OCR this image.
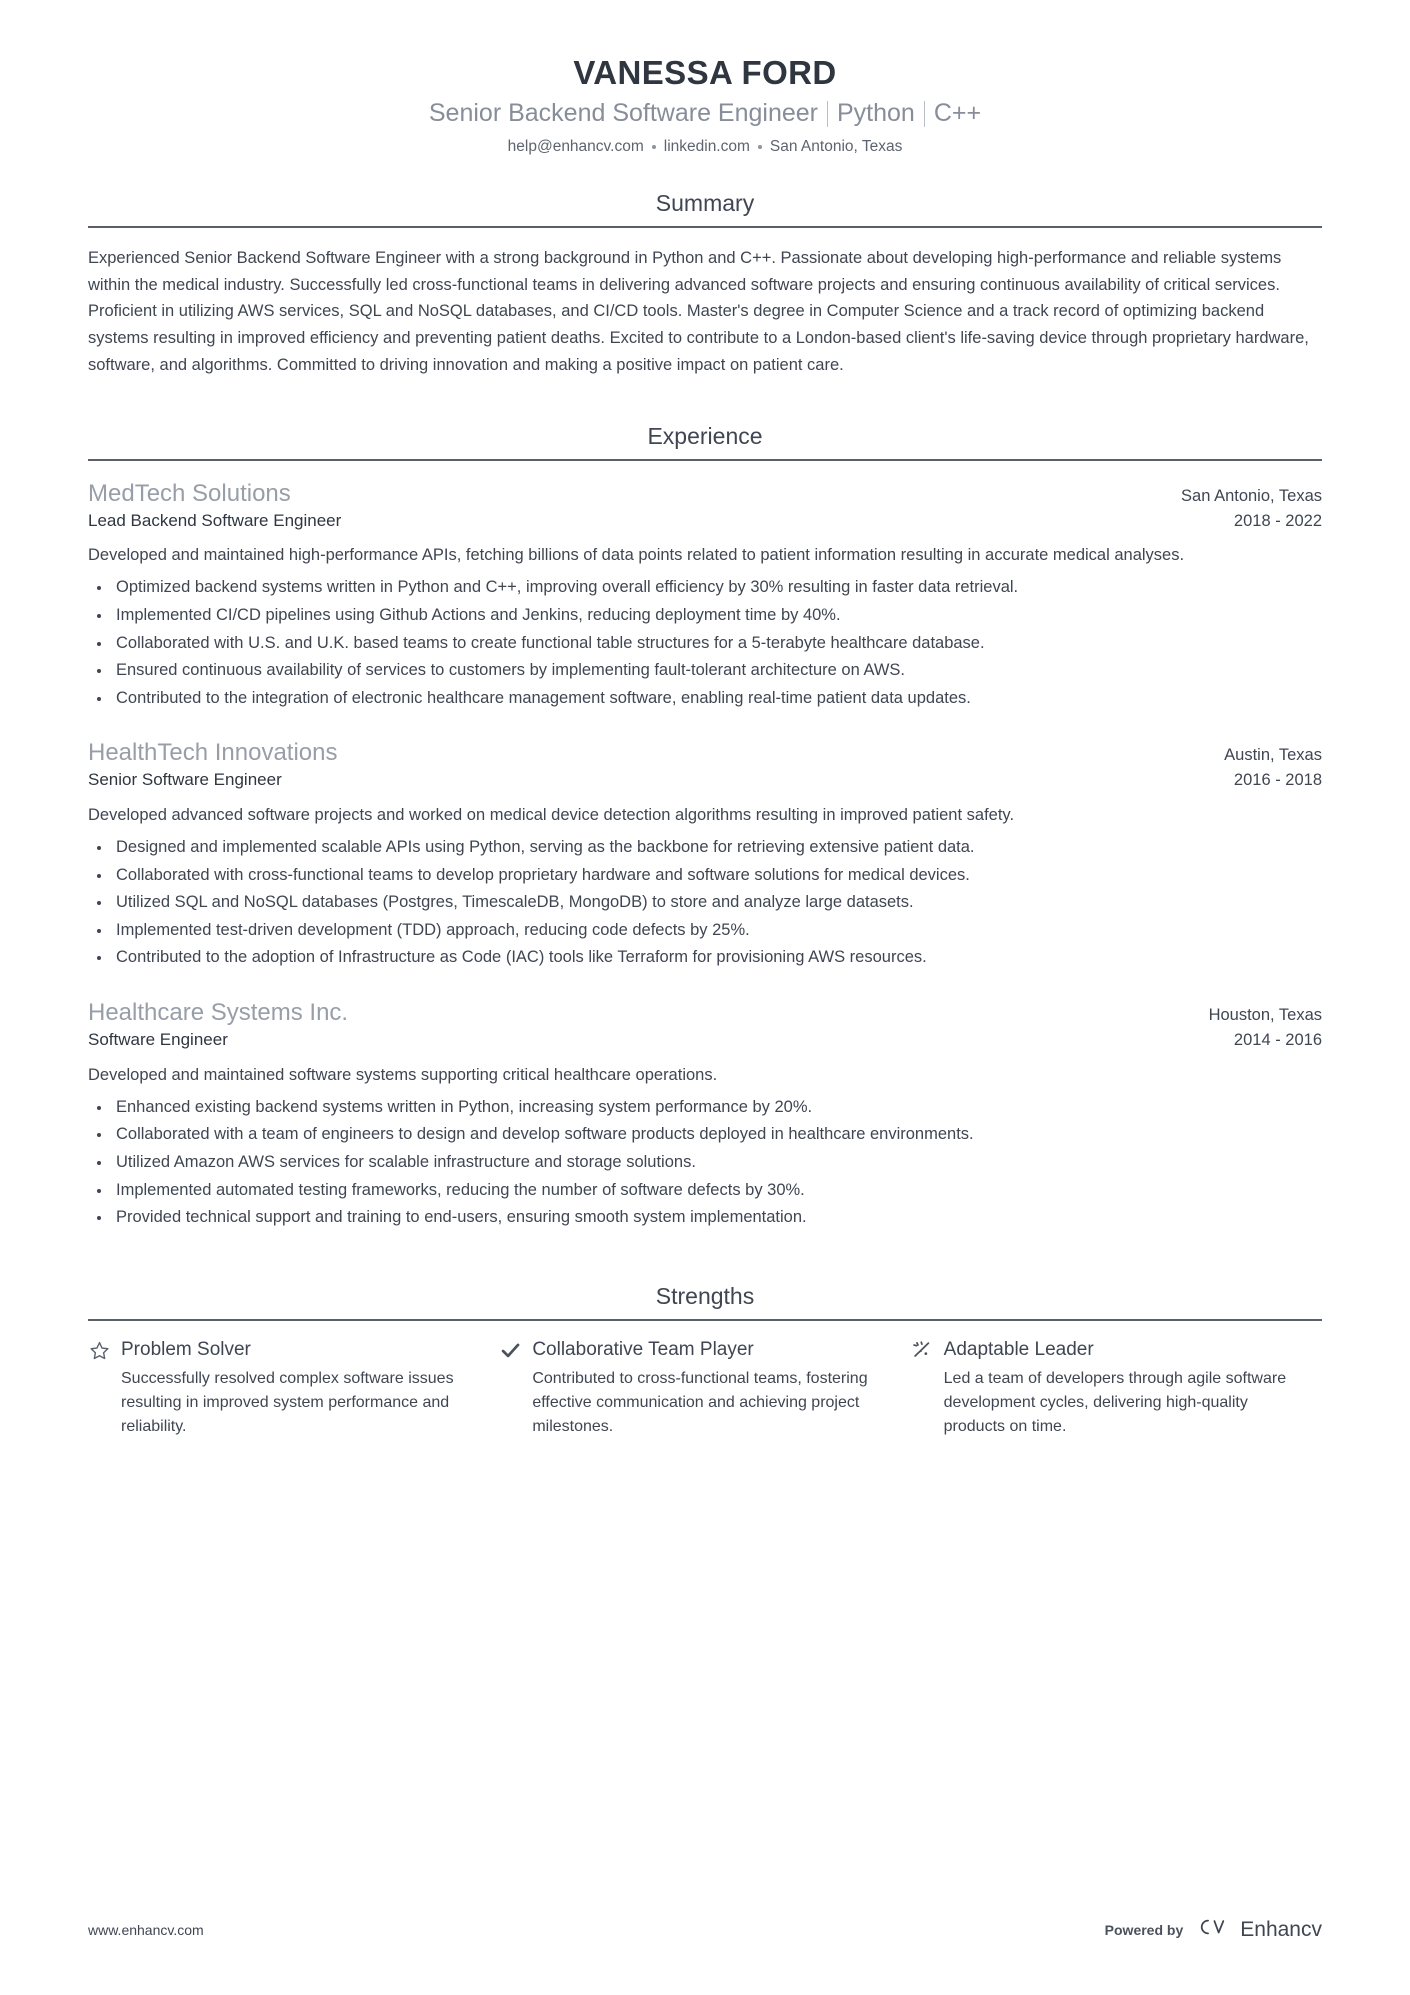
VANESSA FORD
Senior Backend Software Engineer Python C++
help@enhancv.com	linkedin.com	San Antonio, Texas
Summary
Experienced Senior Backend Software Engineer with a strong background in Python and C++. Passionate about developing high-performance and reliable systems within the medical industry. Successfully led cross-functional teams in delivering advanced software projects and ensuring continuous availability of critical services. Proficient in utilizing AWS services, SQL and NoSQL databases, and CI/CD tools. Master's degree in Computer Science and a track record of optimizing backend systems resulting in improved efficiency and preventing patient deaths. Excited to contribute to a London-based client's life-saving device through proprietary hardware, software, and algorithms. Committed to driving innovation and making a positive impact on patient care.
Experience
MedTech Solutions	San Antonio, Texas
Lead Backend Software Engineer	2018 - 2022
Developed and maintained high-performance APIs, fetching billions of data points related to patient information resulting in accurate medical analyses.
Optimized backend systems written in Python and C++, improving overall efficiency by 30% resulting in faster data retrieval.
Implemented CI/CD pipelines using Github Actions and Jenkins, reducing deployment time by 40%.
Collaborated with U.S. and U.K. based teams to create functional table structures for a 5-terabyte healthcare database.
Ensured continuous availability of services to customers by implementing fault-tolerant architecture on AWS.
Contributed to the integration of electronic healthcare management software, enabling real-time patient data updates.
HealthTech Innovations	Austin, Texas
Senior Software Engineer	2016 - 2018
Developed advanced software projects and worked on medical device detection algorithms resulting in improved patient safety.
Designed and implemented scalable APIs using Python, serving as the backbone for retrieving extensive patient data.
Collaborated with cross-functional teams to develop proprietary hardware and software solutions for medical devices.
Utilized SQL and NoSQL databases (Postgres, TimescaleDB, MongoDB) to store and analyze large datasets.
Implemented test-driven development (TDD) approach, reducing code defects by 25%.
Contributed to the adoption of Infrastructure as Code (IAC) tools like Terraform for provisioning AWS resources.
Healthcare Systems Inc.	Houston, Texas
Software Engineer	2014 - 2016
Developed and maintained software systems supporting critical healthcare operations.
Enhanced existing backend systems written in Python, increasing system performance by 20%.
Collaborated with a team of engineers to design and develop software products deployed in healthcare environments.
Utilized Amazon AWS services for scalable infrastructure and storage solutions.
Implemented automated testing frameworks, reducing the number of software defects by 30%.
Provided technical support and training to end-users, ensuring smooth system implementation.
Strengths
Problem Solver
Successfully resolved complex software issues resulting in improved system performance and reliability.
Collaborative Team Player
Contributed to cross-functional teams, fostering effective communication and achieving project milestones.
Adaptable Leader
Led a team of developers through agile software development cycles, delivering high-quality products on time.
www.enhancv.com	Powered by	Enhancv
